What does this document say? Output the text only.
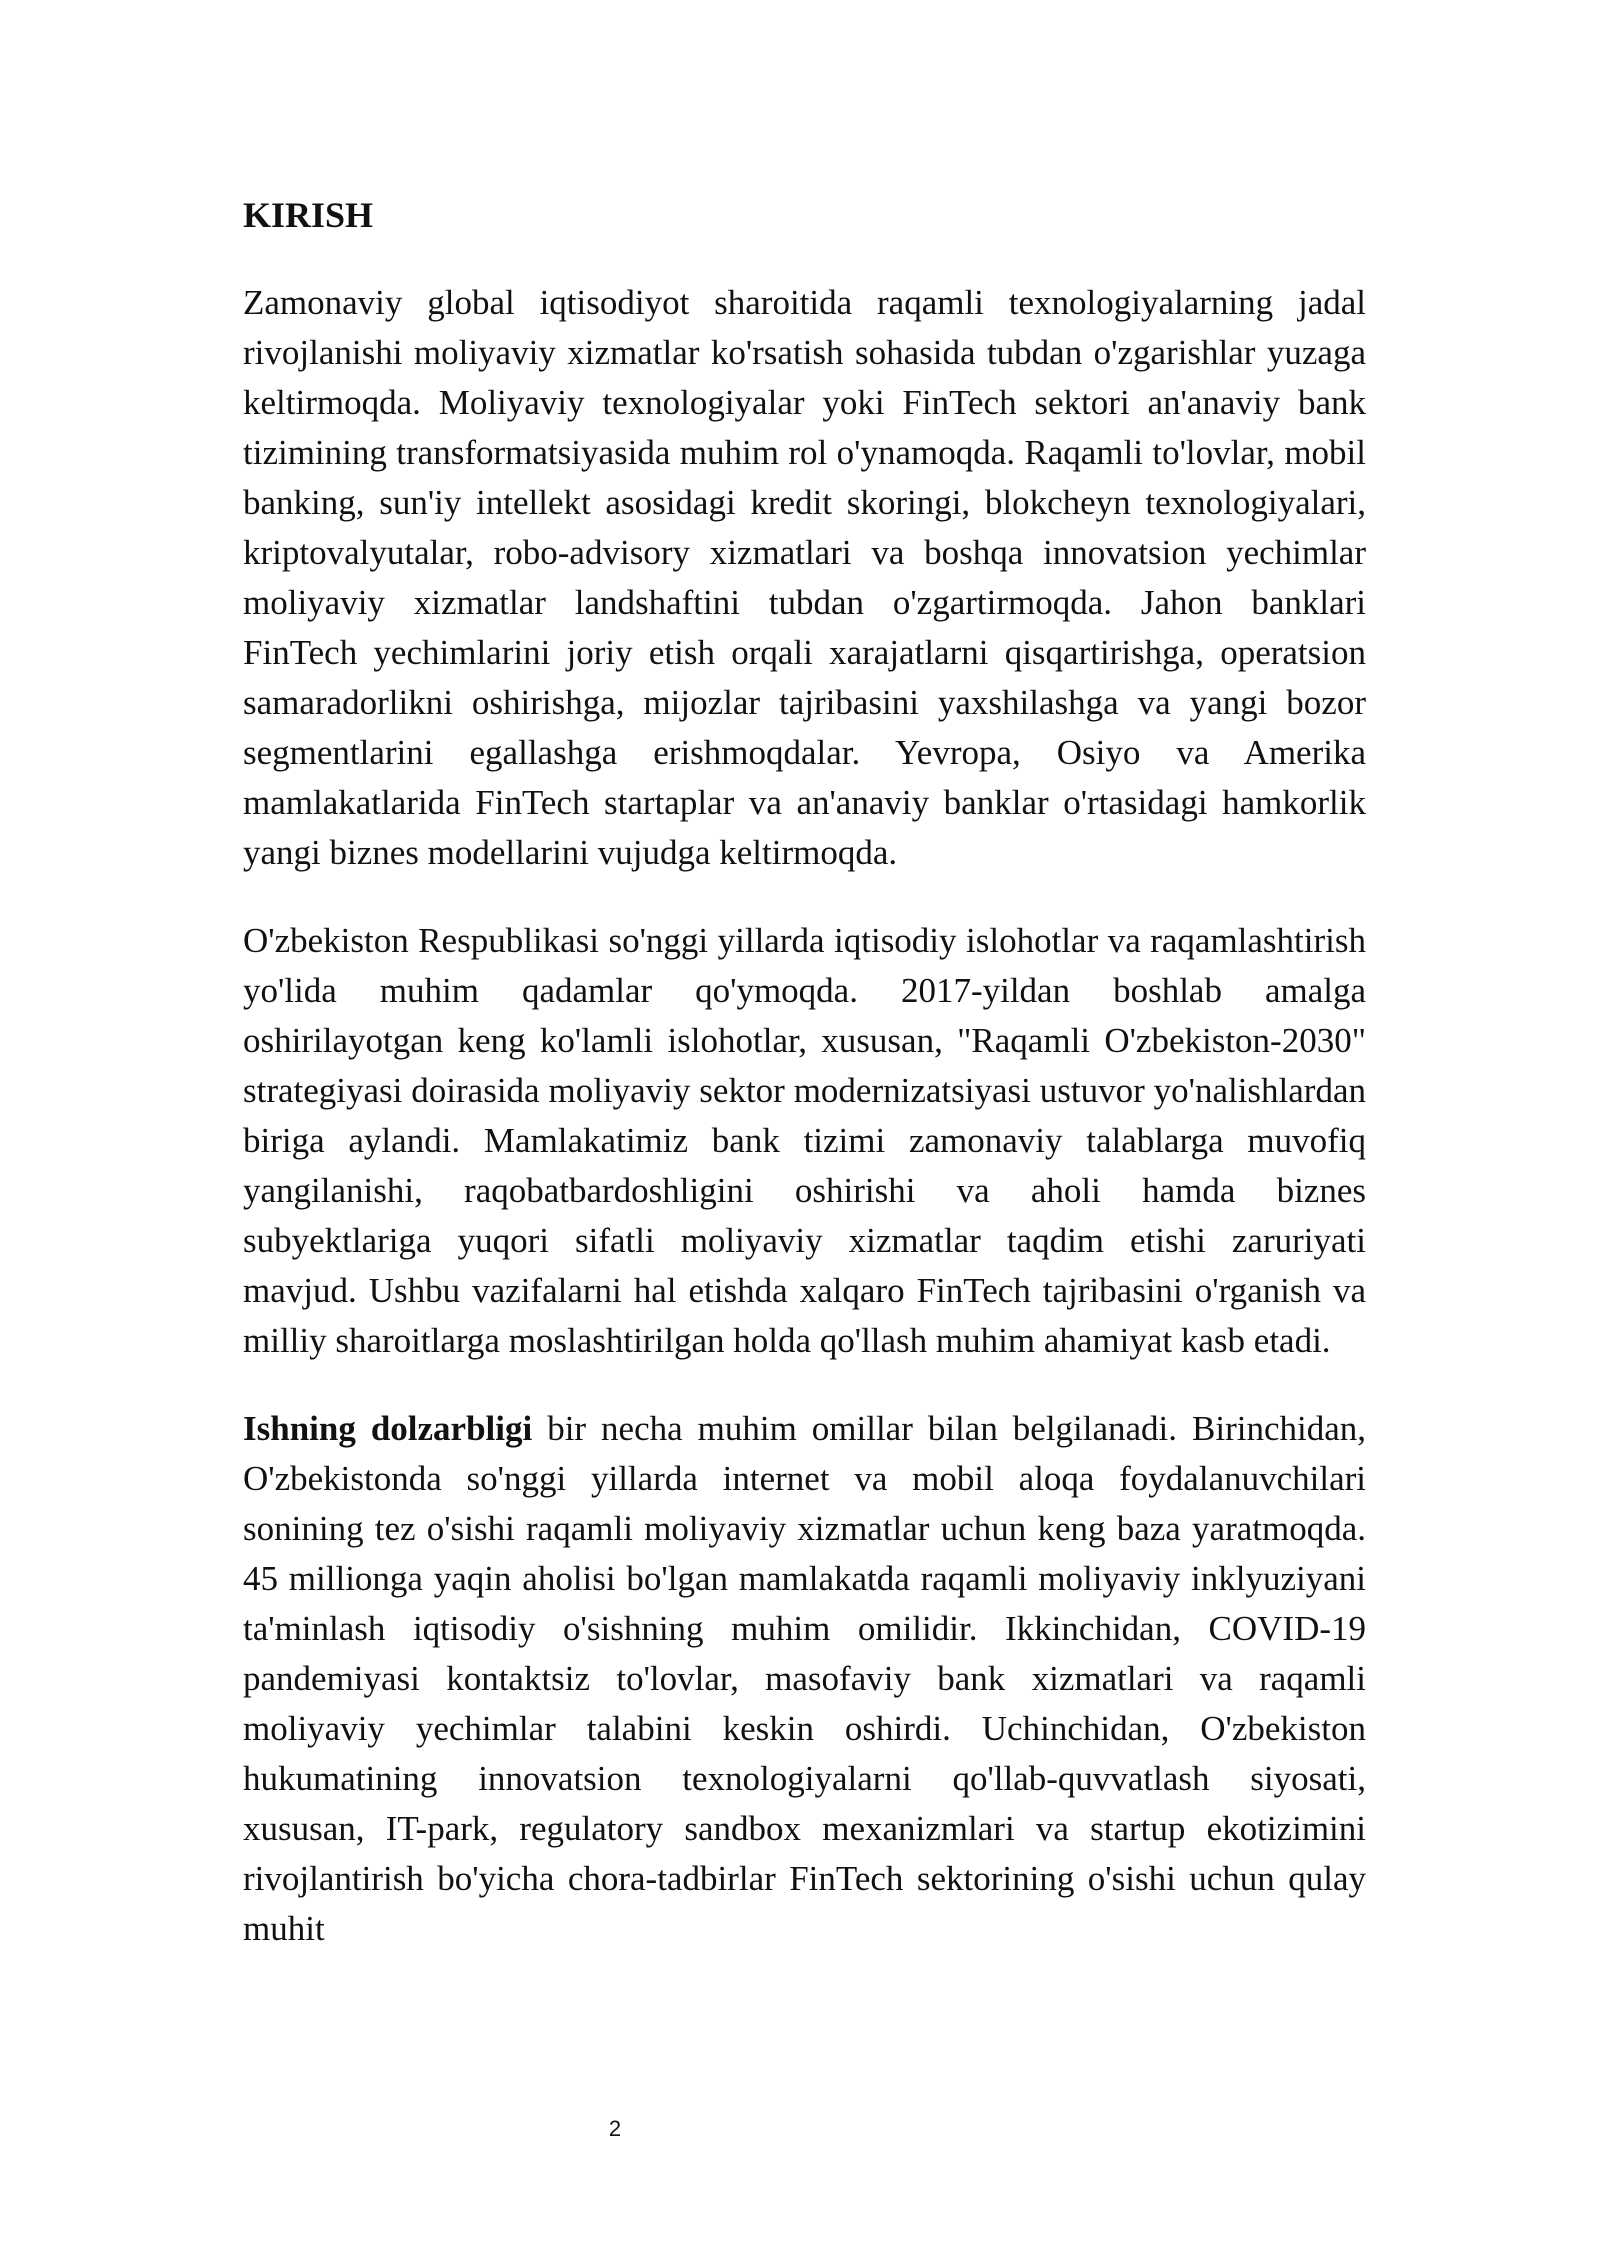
KIRISH

Zamonaviy global iqtisodiyot sharoitida raqamli texnologiyalarning jadal rivojlanishi moliyaviy xizmatlar ko'rsatish sohasida tubdan o'zgarishlar yuzaga keltirmoqda. Moliyaviy texnologiyalar yoki FinTech sektori an'anaviy bank tizimining transformatsiyasida muhim rol o'ynamoqda. Raqamli to'lovlar, mobil banking, sun'iy intellekt asosidagi kredit skoringi, blokcheyn texnologiyalari, kriptovalyutalar, robo-advisory xizmatlari va boshqa innovatsion yechimlar moliyaviy xizmatlar landshaftini tubdan o'zgartirmoqda. Jahon banklari FinTech yechimlarini joriy etish orqali xarajatlarni qisqartirishga, operatsion samaradorlikni oshirishga, mijozlar tajribasini yaxshilashga va yangi bozor segmentlarini egallashga erishmoqdalar. Yevropa, Osiyo va Amerika mamlakatlarida FinTech startaplar va an'anaviy banklar o'rtasidagi hamkorlik yangi biznes modellarini vujudga keltirmoqda.

O'zbekiston Respublikasi so'nggi yillarda iqtisodiy islohotlar va raqamlashtirish yo'lida muhim qadamlar qo'ymoqda. 2017-yildan boshlab amalga oshirilayotgan keng ko'lamli islohotlar, xususan, "Raqamli O'zbekiston-2030" strategiyasi doirasida moliyaviy sektor modernizatsiyasi ustuvor yo'nalishlardan biriga aylandi. Mamlakatimiz bank tizimi zamonaviy talablarga muvofiq yangilanishi, raqobatbardoshligini oshirishi va aholi hamda biznes subyektlariga yuqori sifatli moliyaviy xizmatlar taqdim etishi zaruriyati mavjud. Ushbu vazifalarni hal etishda xalqaro FinTech tajribasini o'rganish va milliy sharoitlarga moslashtirilgan holda qo'llash muhim ahamiyat kasb etadi.

Ishning dolzarbligi bir necha muhim omillar bilan belgilanadi. Birinchidan, O'zbekistonda so'nggi yillarda internet va mobil aloqa foydalanuvchilari sonining tez o'sishi raqamli moliyaviy xizmatlar uchun keng baza yaratmoqda. 45 millionga yaqin aholisi bo'lgan mamlakatda raqamli moliyaviy inklyuziyani ta'minlash iqtisodiy o'sishning muhim omilidir. Ikkinchidan, COVID-19 pandemiyasi kontaktsiz to'lovlar, masofaviy bank xizmatlari va raqamli moliyaviy yechimlar talabini keskin oshirdi. Uchinchidan, O'zbekiston hukumatining innovatsion texnologiyalarni qo'llab-quvvatlash siyosati, xususan, IT-park, regulatory sandbox mexanizmlari va startup ekotizimini rivojlantirish bo'yicha chora-tadbirlar FinTech sektorining o'sishi uchun qulay muhit

2
